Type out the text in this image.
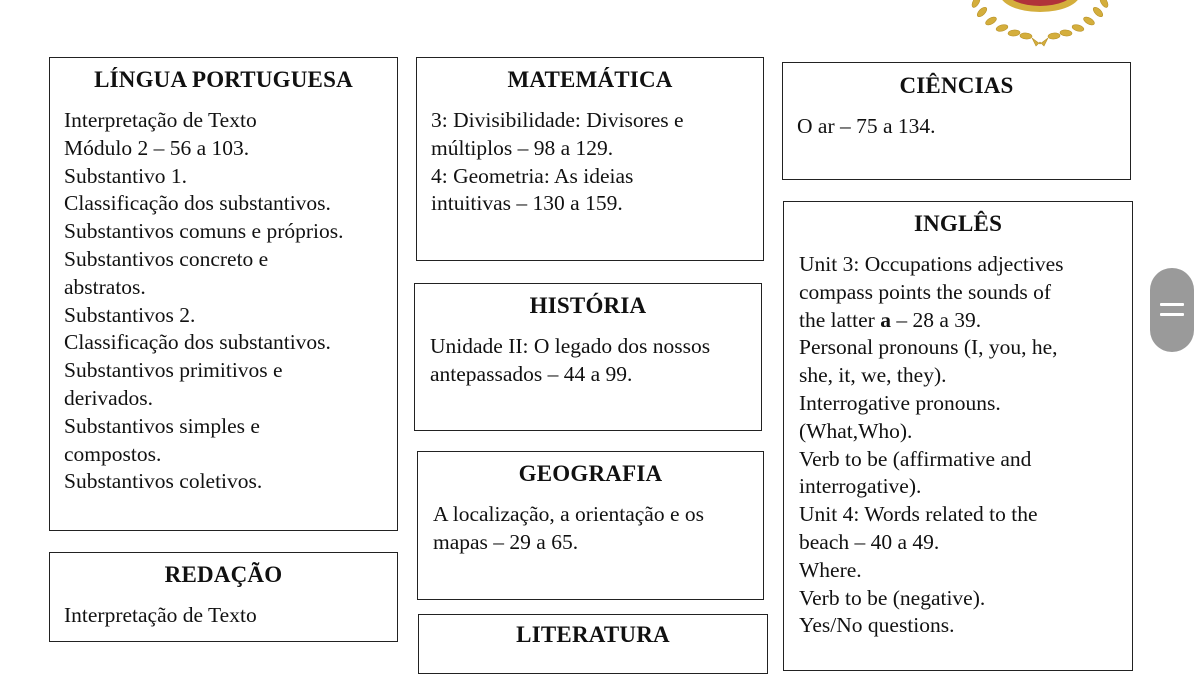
LÍNGUA PORTUGUESA
Interpretação de Texto
Módulo 2 – 56 a 103.
Substantivo 1.
Classificação dos substantivos.
Substantivos comuns e próprios.
Substantivos concreto e
abstratos.
Substantivos 2.
Classificação dos substantivos.
Substantivos primitivos e
derivados.
Substantivos simples e
compostos.
Substantivos coletivos.
REDAÇÃO
Interpretação de Texto
MATEMÁTICA
3: Divisibilidade: Divisores e
múltiplos – 98 a 129.
4: Geometria: As ideias
intuitivas – 130 a 159.
HISTÓRIA
Unidade II: O legado dos nossos
antepassados – 44 a 99.
GEOGRAFIA
A localização, a orientação e os
mapas – 29 a 65.
LITERATURA
CIÊNCIAS
O ar – 75 a 134.
INGLÊS
Unit 3: Occupations adjectives
compass points the sounds of
the latter a – 28 a 39.
Personal pronouns (I, you, he,
she, it, we, they).
Interrogative pronouns.
(What,Who).
Verb to be (affirmative and
interrogative).
Unit 4: Words related to the
beach – 40 a 49.
Where.
Verb to be (negative).
Yes/No questions.
